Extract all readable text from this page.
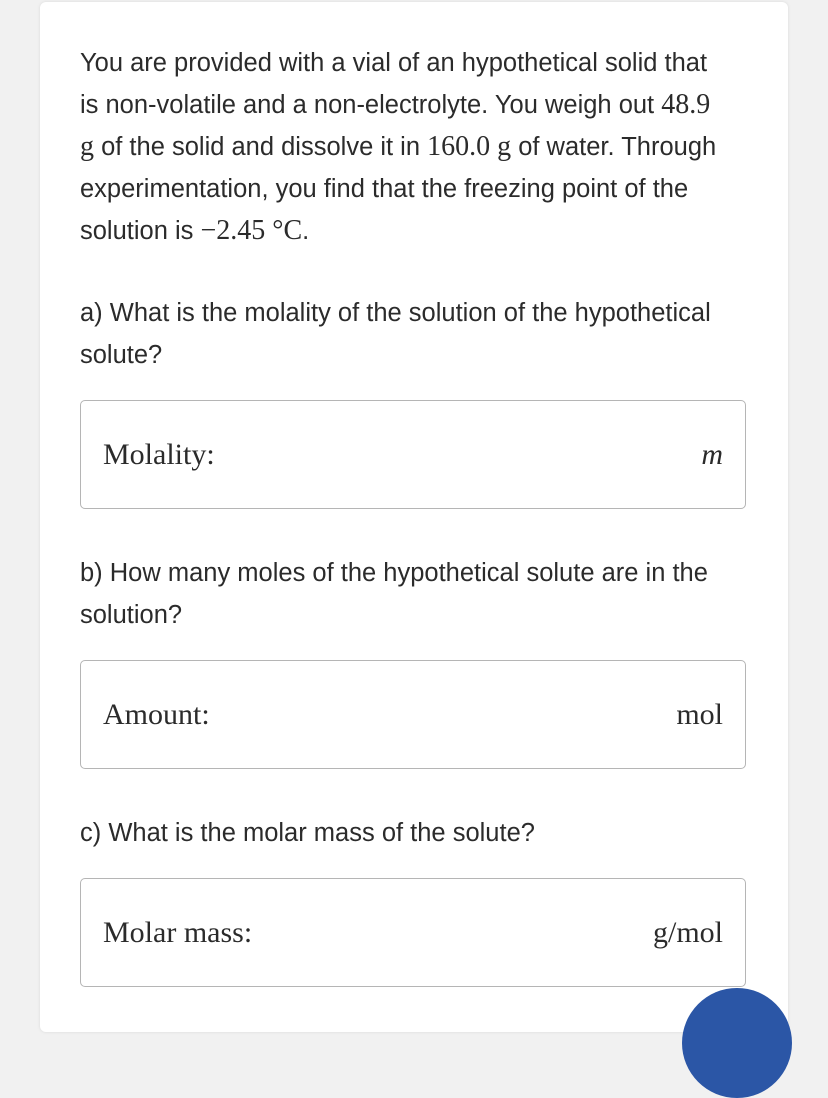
You are provided with a vial of an hypothetical solid that is non-volatile and a non-electrolyte. You weigh out 48.9 g of the solid and dissolve it in 160.0 g of water. Through experimentation, you find that the freezing point of the solution is −2.45 °C.
a) What is the molality of the solution of the hypothetical solute?
Molality:	m
b) How many moles of the hypothetical solute are in the solution?
Amount:	mol
c) What is the molar mass of the solute?
Molar mass:	g/mol
